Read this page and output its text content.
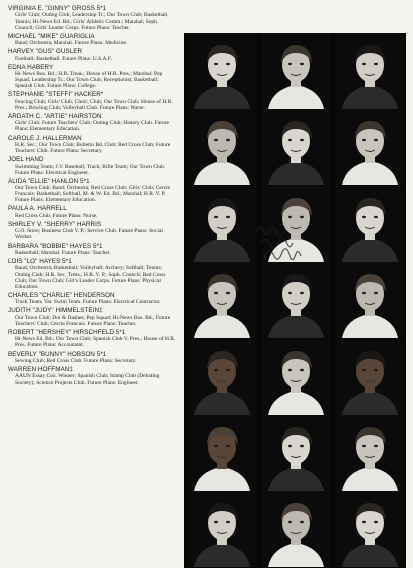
VIRGINIA E. "GINNY" GROSS 5*1
Girls' Club; Outing Club, Leadership Tr.; Our Town Club; Basketball, Tennis; Hi-News Ed. Bd.; Girls' Athletic Comm.; Marshal; Soph. Council; Girls' Leader Corps. Future Plans: Teacher.
MICHAEL "MIKE" GUARIGLIA
Band; Orchestra; Marshal. Future Plans: Medicine.
HARVEY "GUS" GUSLER
Football; Basketball. Future Plans: U.S.A.F.
EDNA HABERY
Hi-News Bus. Bd.; H.R. Treas.; House of H.R. Pres.; Marshal; Pep Squad; Leadership Tr.; Our Town Club; Receptionist; Basketball; Spanish Club. Future Plans: College.
STEPHANIE "STEFFI" HACKER*
Fencing Club; Girls' Club; Choir; Club; Our Town Club; House of H.R. Pres.; Bowling Club; Volleyball Club. Future Plans: Nurse.
ARDATH C. "ARTIE" HAIRSTON
Girls' Club; Future Teachers' Club; Outing Club; History Club. Future Plans: Elementary Education.
CAROLE J. HALLERMAN
H.R. Sec.; Our Town Club; Bulletin Bd. Club; Red Cross Club; Future Teachers' Club. Future Plans: Secretary.
JOEL HAND
Swimming Team; J.V. Baseball; Track; Rifle Team; Our Town Club. Future Plans: Electrical Engineer.
ALIDA "ELLIE" HANLON 5*1
Our Town Club; Band; Orchestra; Red Cross Club; Girls' Club; Cercle Francais; Basketball; Softball, M. & W. Ed. Bd.; Marshal; H.R. V. P. Future Plans: Elementary Education.
PAULA A. HARRELL
Red Cross Club. Future Plans: Nurse.
SHIRLEY V. "SHERRY" HARRIS
G.O. Store; Business Club V. P.; Service Club. Future Plans: Social Worker.
BARBARA "BOBBIE" HAYES 5*1
Basketball; Marshal. Future Plans: Teacher.
LOIS "LO" HAYES 5*1
Band; Orchestra; Basketball; Volleyball; Archery; Softball; Tennis; Outing Club; H.R. Sec. Treas.; H.R. V. P.; Soph. Council; Red Cross Club; Our Town Club; Girl's Leader Corps. Future Plans: Physical Education.
CHARLES "CHARLIE" HENDERSON
Track Team; Var. Swim Team. Future Plans: Electrical Contractor.
JUDITH "JUDY" HIMMELSTEIN‡
Our Town Club; Dot & Dashes; Pep Squad; Hi-News Bus. Bd.; Future Teachers' Club; Cercle Francais. Future Plans: Teacher.
ROBERT "HERSHEY" HIRSCHFELD 5*1
Hi-News Ed. Bd.; Our Town Club; Spanish Club V. Pres.; House of H.R. Pres. Future Plans: Accountant.
BEVERLY "BUNNY" HOBSON 5*1
Sewing Club; Red Cross Club. Future Plans: Secretary.
WARREN HOFFMAN‡
AAUN Essay Con. Winner; Spanish Club; Stamp Club (Debating Society); Science Projects Club. Future Plans: Engineer.
